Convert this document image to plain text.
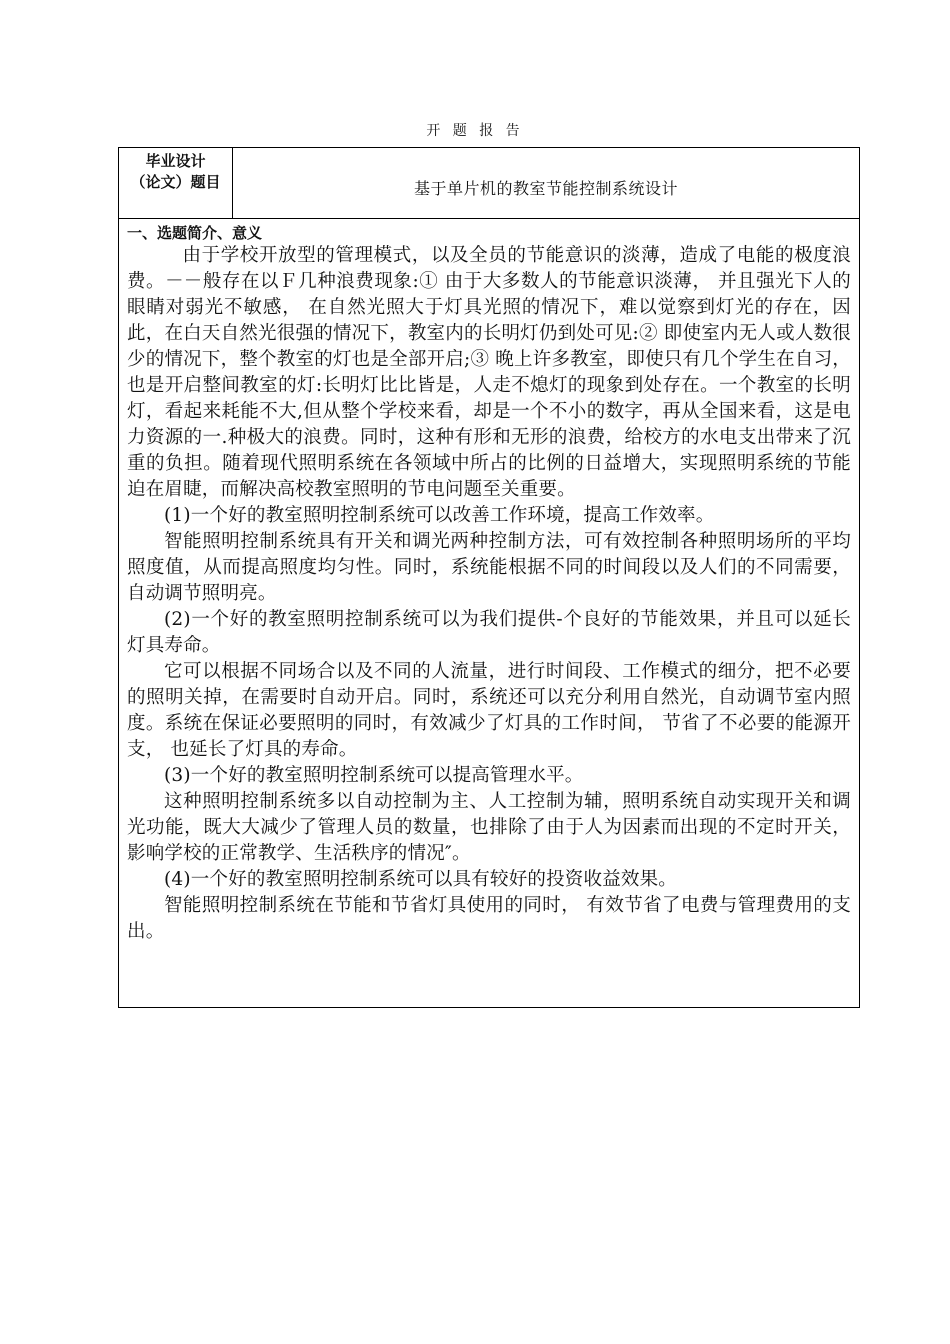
开 题 报 告
毕业设计
（论文）题目	基于单片机的教室节能控制系统设计

一、选题简介、意义

由于学校开放型的管理模式，以及全员的节能意识的淡薄，造成了电能的极度浪费。－－般存在以Ｆ几种浪费现象:① 由于大多数人的节能意识淡薄， 并且强光下人的眼睛对弱光不敏感， 在自然光照大于灯具光照的情况下，难以觉察到灯光的存在，因此，在白天自然光很强的情况下，教室内的长明灯仍到处可见:② 即使室内无人或人数很少的情况下，整个教室的灯也是全部开启;③ 晚上许多教室，即使只有几个学生在自习，也是开启整间教室的灯:长明灯比比皆是，人走不熄灯的现象到处存在。一个教室的长明灯，看起来耗能不大,但从整个学校来看，却是一个不小的数字，再从全国来看，这是电力资源的一.种极大的浪费。同时，这种有形和无形的浪费，给校方的水电支出带来了沉重的负担。随着现代照明系统在各领域中所占的比例的日益增大，实现照明系统的节能迫在眉睫，而解决高校教室照明的节电问题至关重要。

(1)一个好的教室照明控制系统可以改善工作环境，提高工作效率。

智能照明控制系统具有开关和调光两种控制方法，可有效控制各种照明场所的平均照度值，从而提高照度均匀性。同时，系统能根据不同的时间段以及人们的不同需要，自动调节照明亮。

(2)一个好的教室照明控制系统可以为我们提供-个良好的节能效果，并且可以延长灯具寿命。

它可以根据不同场合以及不同的人流量，进行时间段、工作模式的细分，把不必要的照明关掉，在需要时自动开启。同时，系统还可以充分利用自然光，自动调节室内照度。系统在保证必要照明的同时，有效减少了灯具的工作时间， 节省了不必要的能源开支， 也延长了灯具的寿命。

(3)一个好的教室照明控制系统可以提高管理水平。

这种照明控制系统多以自动控制为主、人工控制为辅，照明系统自动实现开关和调光功能，既大大减少了管理人员的数量，也排除了由于人为因素而出现的不定时开关， 影响学校的正常教学、生活秩序的情况″。

(4)一个好的教室照明控制系统可以具有较好的投资收益效果。

智能照明控制系统在节能和节省灯具使用的同时， 有效节省了电费与管理费用的支出。
